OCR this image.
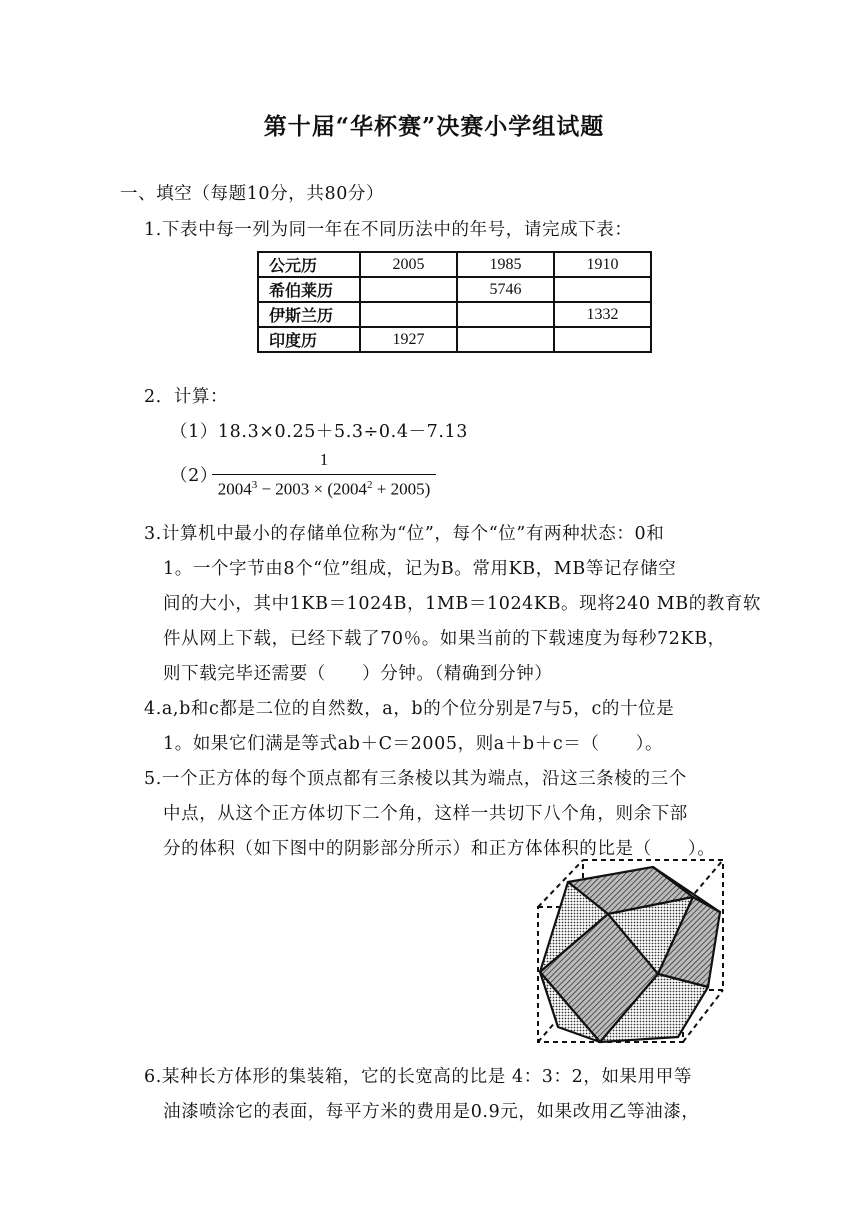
第十届“华杯赛”决赛小学组试题
一、填空（每题10分，共80分）
1.下表中每一列为同一年在不同历法中的年号，请完成下表：
公元历	2005	1985	1910
希伯莱历		5746	
伊斯兰历			1332
印度历	1927		
2．计算：
（1）18.3×0.25＋5.3÷0.4－7.13
（2）
1
$2004^3 - 2003 \times (2004^2 + 2005)$
3.计算机中最小的存储单位称为“位”，每个“位”有两种状态：0和
1。一个字节由8个“位”组成，记为B。常用KB，MB等记存储空
间的大小，其中1KB＝1024B，1MB＝1024KB。现将240 MB的教育软
件从网上下载，已经下载了70％。如果当前的下载速度为每秒72KB，
则下载完毕还需要（　　）分钟。（精确到分钟）
4.a,b和c都是二位的自然数，a，b的个位分别是7与5，c的十位是
1。如果它们满是等式ab＋C＝2005，则a＋b＋c＝（　　）。
5.一个正方体的每个顶点都有三条棱以其为端点，沿这三条棱的三个
中点，从这个正方体切下二个角，这样一共切下八个角，则余下部
分的体积（如下图中的阴影部分所示）和正方体体积的比是（　　）。
6.某种长方体形的集装箱，它的长宽高的比是 4：3：2，如果用甲等
油漆喷涂它的表面，每平方米的费用是0.9元，如果改用乙等油漆，
